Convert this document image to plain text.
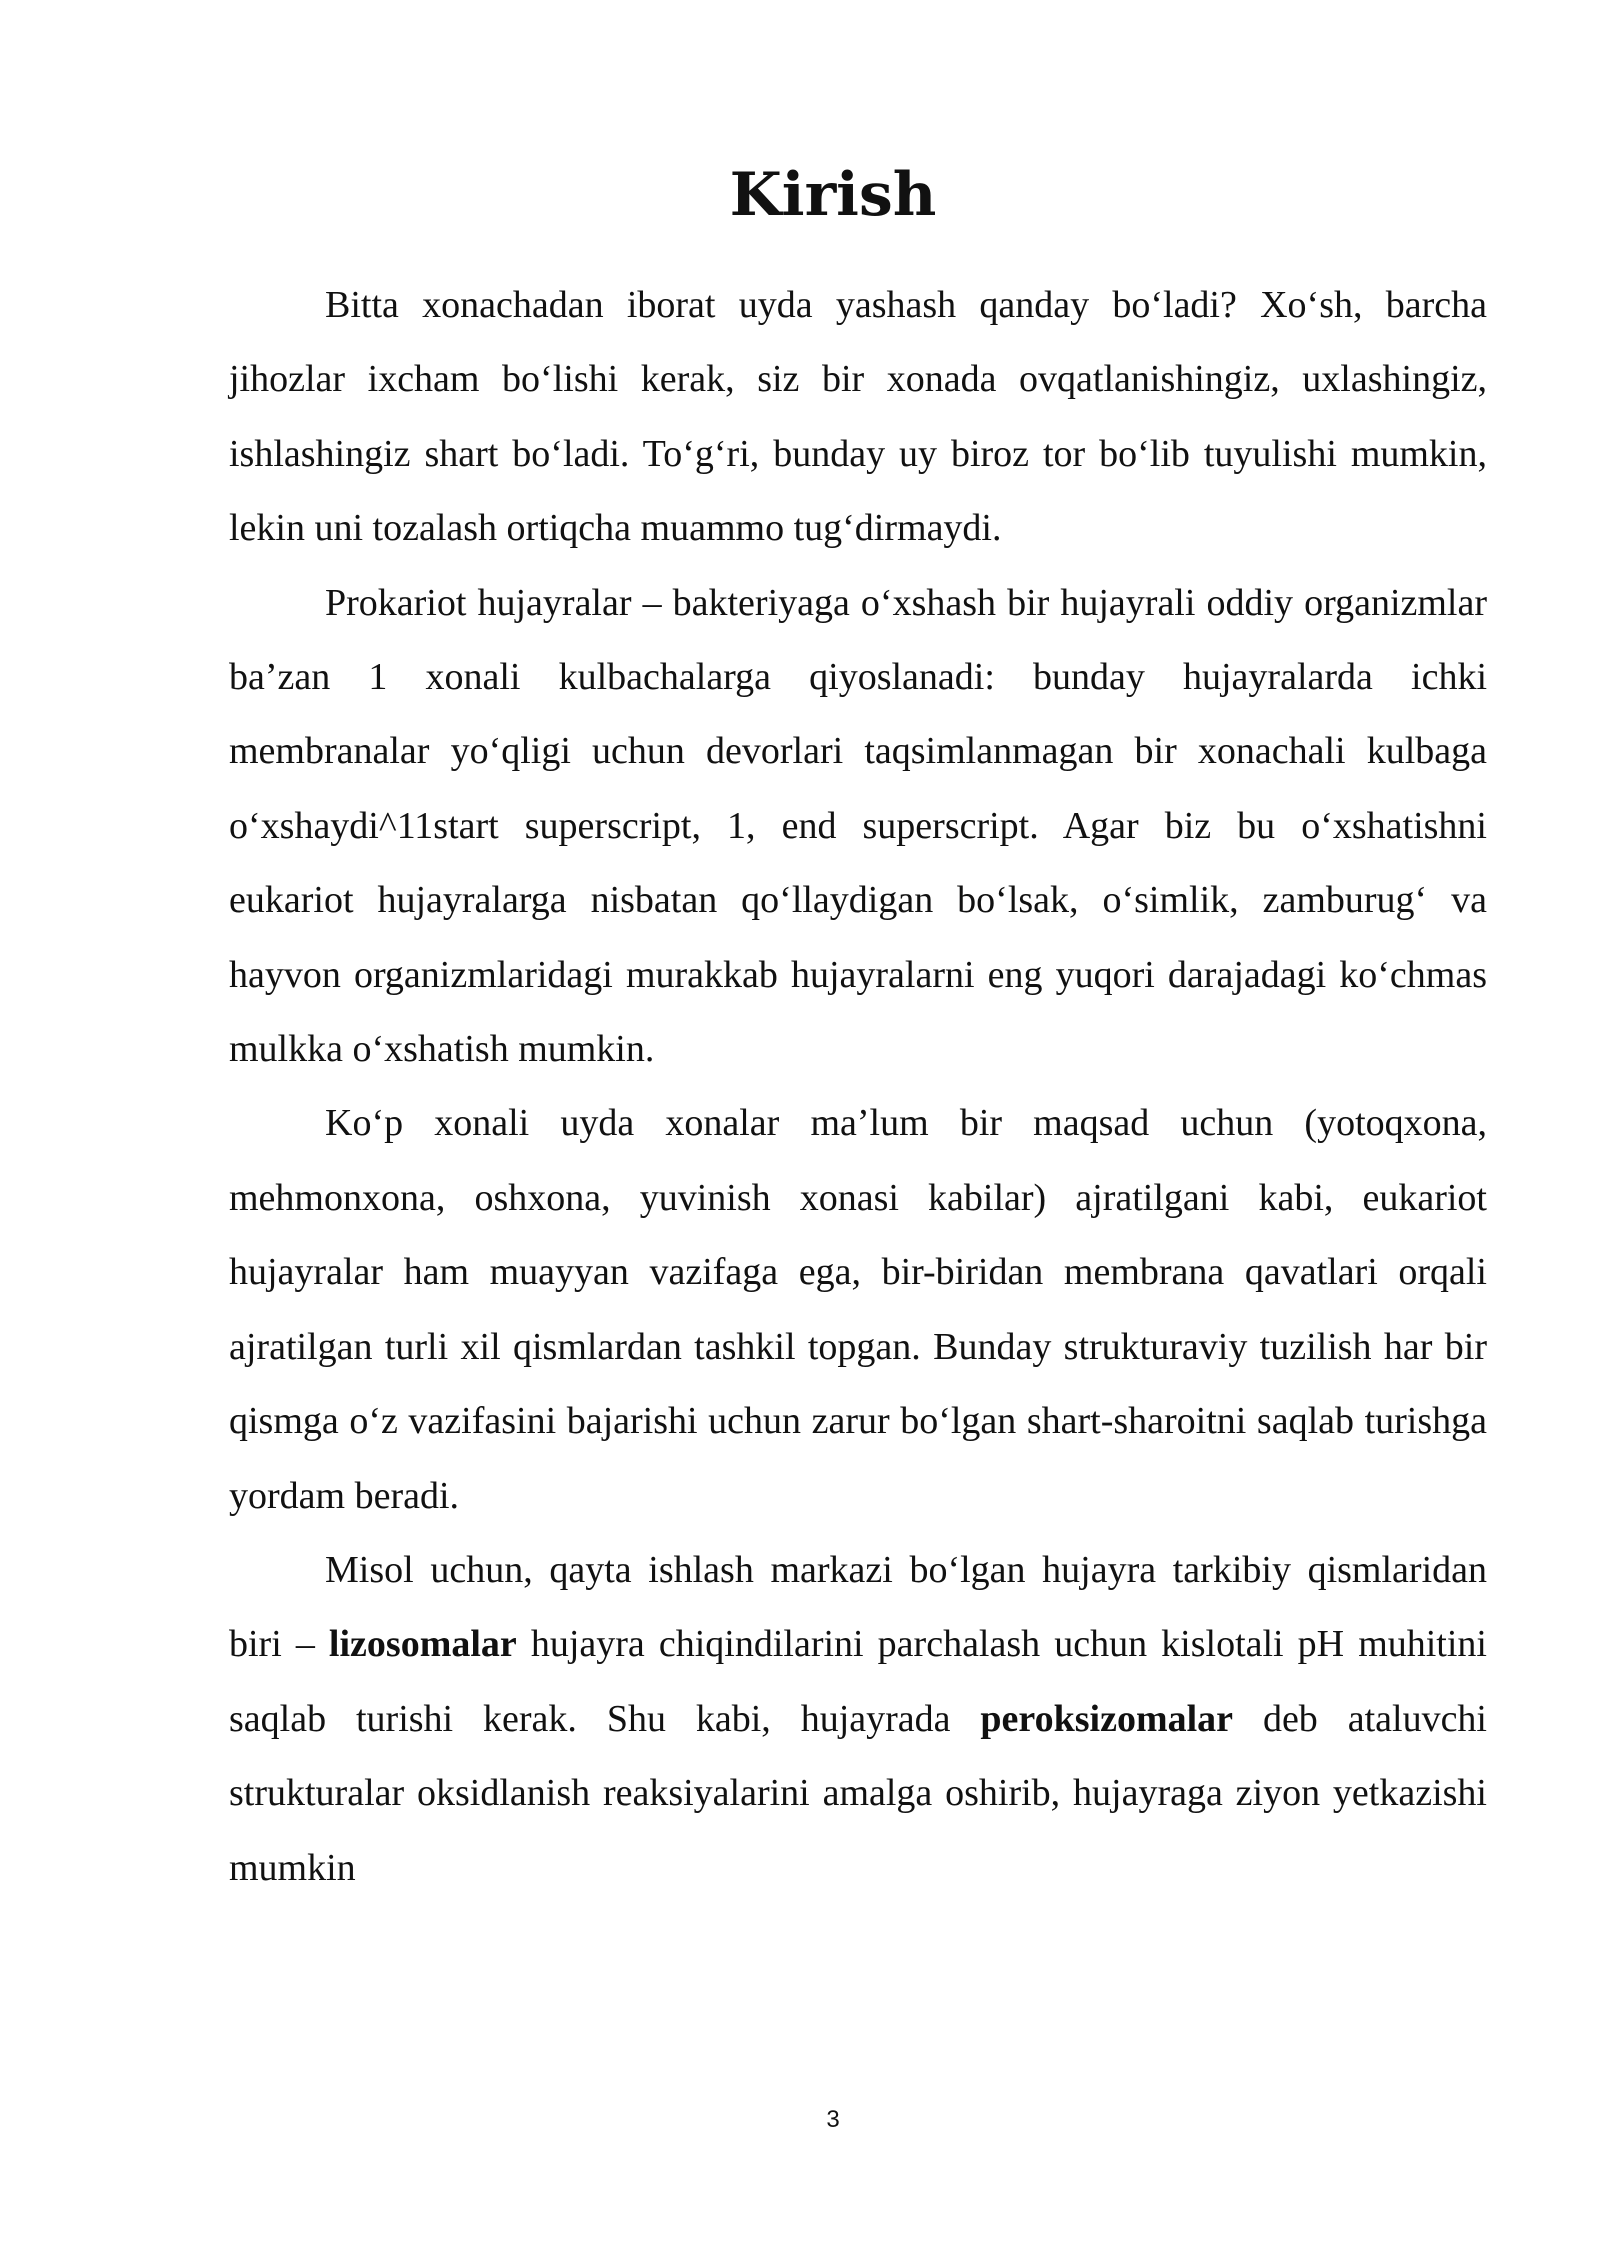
Kirish

Bitta xonachadan iborat uyda yashash qanday bo‘ladi? Xo‘sh, barcha jihozlar ixcham bo‘lishi kerak, siz bir xonada ovqatlanishingiz, uxlashingiz, ishlashingiz shart bo‘ladi. To‘g‘ri, bunday uy biroz tor bo‘lib tuyulishi mumkin, lekin uni tozalash ortiqcha muammo tug‘dirmaydi.

Prokariot hujayralar – bakteriyaga o‘xshash bir hujayrali oddiy organizmlar ba’zan 1 xonali kulbachalarga qiyoslanadi: bunday hujayralarda ichki membranalar yo‘qligi uchun devorlari taqsimlanmagan bir xonachali kulbaga o‘xshaydi^11start superscript, 1, end superscript. Agar biz bu o‘xshatishni eukariot hujayralarga nisbatan qo‘llaydigan bo‘lsak, o‘simlik, zamburug‘ va hayvon organizmlaridagi murakkab hujayralarni eng yuqori darajadagi ko‘chmas mulkka o‘xshatish mumkin.

Ko‘p xonali uyda xonalar ma’lum bir maqsad uchun (yotoqxona, mehmonxona, oshxona, yuvinish xonasi kabilar) ajratilgani kabi, eukariot hujayralar ham muayyan vazifaga ega, bir-biridan membrana qavatlari orqali ajratilgan turli xil qismlardan tashkil topgan. Bunday strukturaviy tuzilish har bir qismga o‘z vazifasini bajarishi uchun zarur bo‘lgan shart-sharoitni saqlab turishga yordam beradi.

Misol uchun, qayta ishlash markazi bo‘lgan hujayra tarkibiy qismlaridan biri – lizosomalar hujayra chiqindilarini parchalash uchun kislotali pH muhitini saqlab turishi kerak. Shu kabi, hujayrada peroksizomalar deb ataluvchi strukturalar oksidlanish reaksiyalarini amalga oshirib, hujayraga ziyon yetkazishi mumkin

3
